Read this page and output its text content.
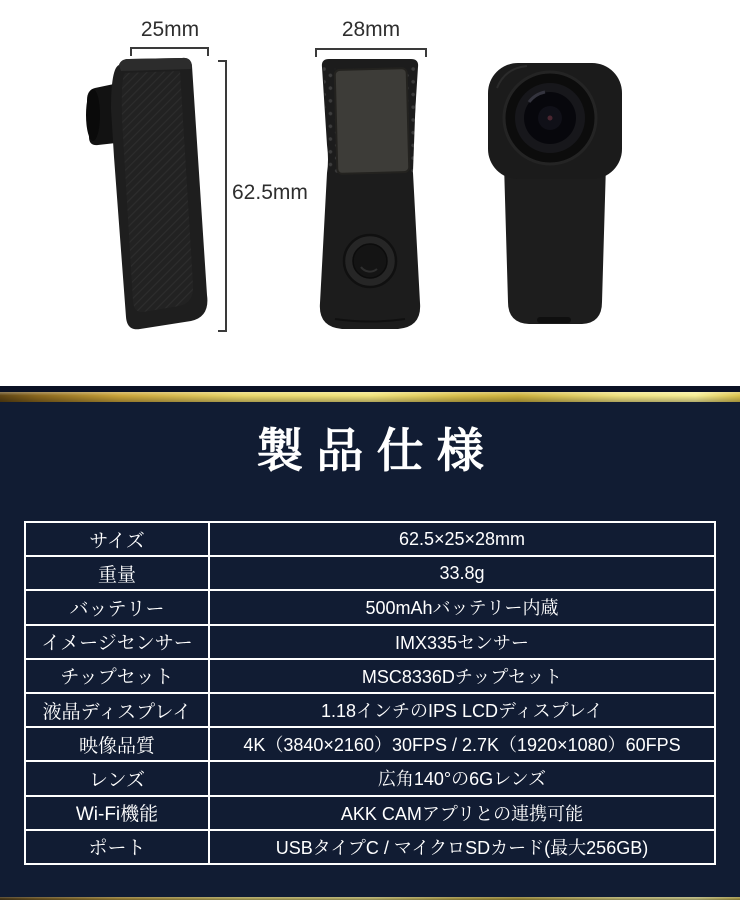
25mm	28mm
62.5mm
製品仕様
サイズ	62.5×25×28mm
重量	33.8g
バッテリー	500mAhバッテリー内蔵
イメージセンサー	IMX335センサー
チップセット	MSC8336Dチップセット
液晶ディスプレイ	1.18インチのIPS LCDディスプレイ
映像品質	4K（3840×2160）30FPS / 2.7K（1920×1080）60FPS
レンズ	広角140°の6Gレンズ
Wi-Fi機能	AKK CAMアプリとの連携可能
ポート	USBタイプC / マイクロSDカード(最大256GB)
